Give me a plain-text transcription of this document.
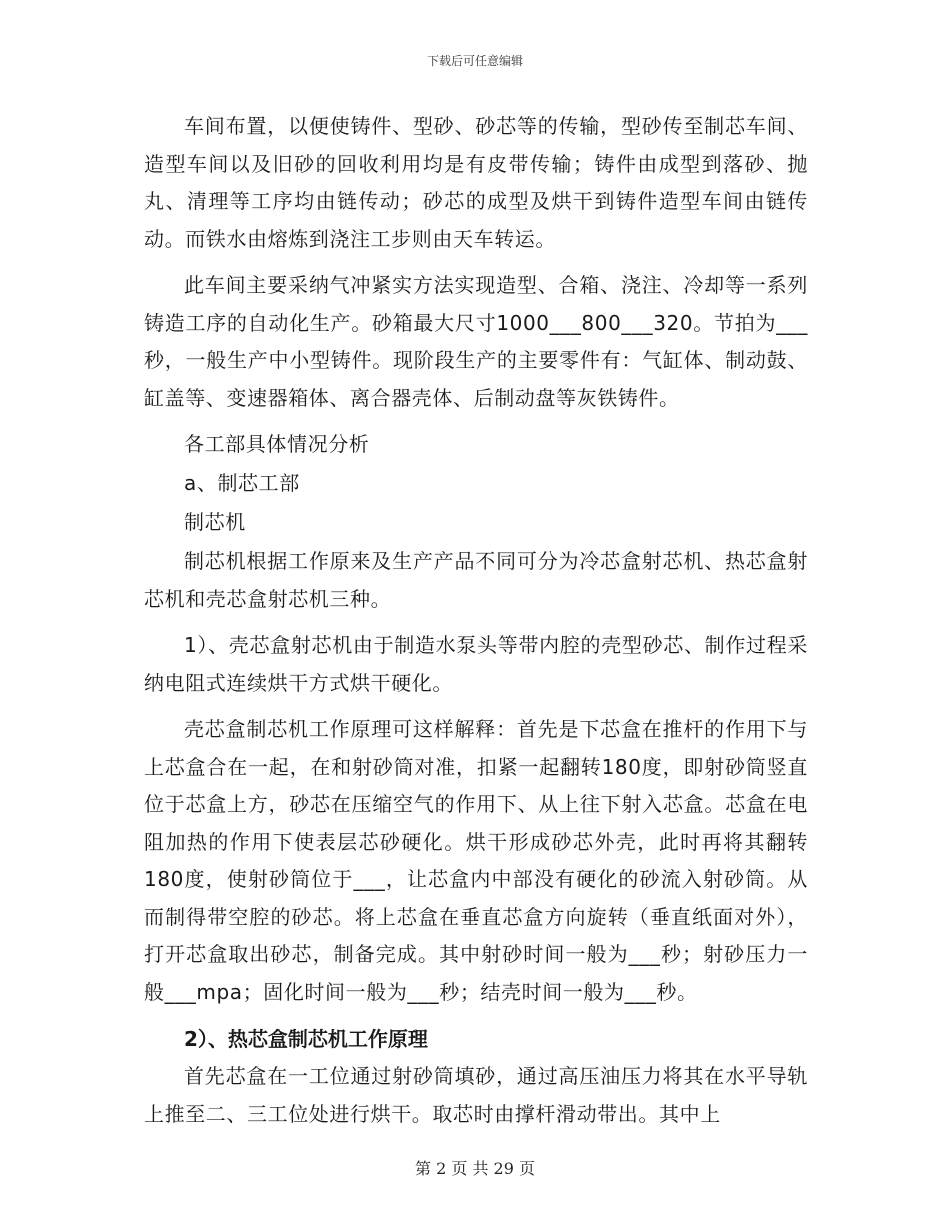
下载后可任意编辑

车间布置，以便使铸件、型砂、砂芯等的传输，型砂传至制芯车间、造型车间以及旧砂的回收利用均是有皮带传输；铸件由成型到落砂、抛丸、清理等工序均由链传动；砂芯的成型及烘干到铸件造型车间由链传动。而铁水由熔炼到浇注工步则由天车转运。

此车间主要采纳气冲紧实方法实现造型、合箱、浇注、冷却等一系列铸造工序的自动化生产。砂箱最大尺寸1000___800___320。节拍为___秒，一般生产中小型铸件。现阶段生产的主要零件有：气缸体、制动鼓、缸盖等、变速器箱体、离合器壳体、后制动盘等灰铁铸件。

各工部具体情况分析

a、制芯工部

制芯机

制芯机根据工作原来及生产产品不同可分为冷芯盒射芯机、热芯盒射芯机和壳芯盒射芯机三种。

1）、壳芯盒射芯机由于制造水泵头等带内腔的壳型砂芯、制作过程采纳电阻式连续烘干方式烘干硬化。

壳芯盒制芯机工作原理可这样解释：首先是下芯盒在推杆的作用下与上芯盒合在一起，在和射砂筒对准，扣紧一起翻转180度，即射砂筒竖直位于芯盒上方，砂芯在压缩空气的作用下、从上往下射入芯盒。芯盒在电阻加热的作用下使表层芯砂硬化。烘干形成砂芯外壳，此时再将其翻转180度，使射砂筒位于___，让芯盒内中部没有硬化的砂流入射砂筒。从而制得带空腔的砂芯。将上芯盒在垂直芯盒方向旋转（垂直纸面对外），打开芯盒取出砂芯，制备完成。其中射砂时间一般为___秒；射砂压力一般___mpa；固化时间一般为___秒；结壳时间一般为___秒。

2）、热芯盒制芯机工作原理

首先芯盒在一工位通过射砂筒填砂，通过高压油压力将其在水平导轨上推至二、三工位处进行烘干。取芯时由撑杆滑动带出。其中上

第 2 页 共 29 页
